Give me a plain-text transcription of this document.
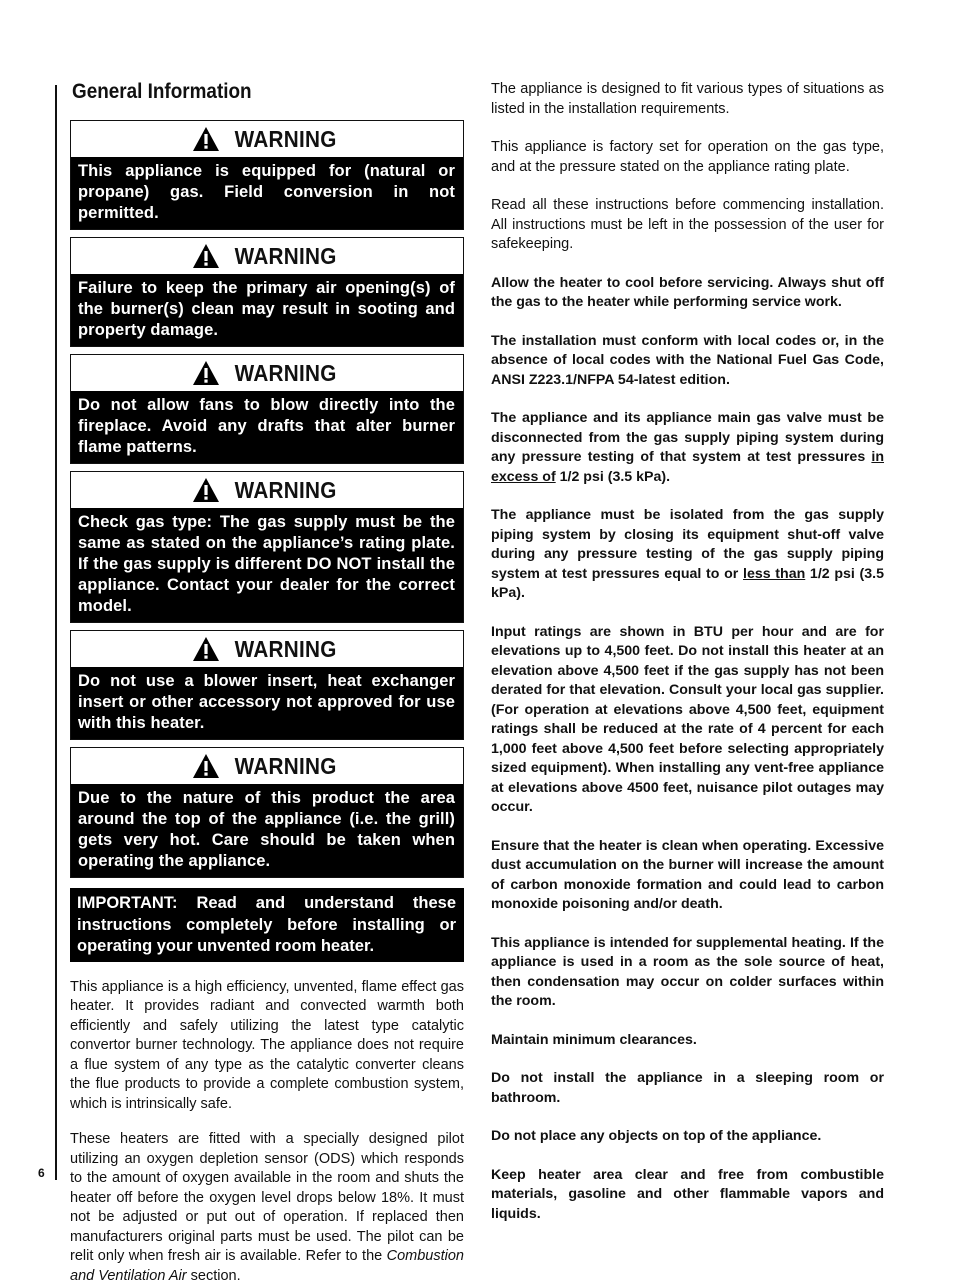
6
General Information
WARNING
This appliance is equipped for (natural or propane) gas. Field conversion in not permitted.
WARNING
Failure to keep the primary air opening(s) of the burner(s) clean may result in sooting and property damage.
WARNING
Do not allow fans to blow directly into the fireplace. Avoid any drafts that alter burner flame patterns.
WARNING
Check gas type: The gas supply must be the same as stated on the appliance’s rating plate. If the gas supply is different DO NOT install the appliance. Contact your dealer for the correct model.
WARNING
Do not use a blower insert, heat exchanger insert or other accessory not approved for use with this heater.
WARNING
Due to the nature of this product the area around the top of the appliance (i.e. the grill) gets very hot. Care should be taken when operating the appliance.
IMPORTANT: Read and understand these instructions completely before installing or operating your unvented room heater.

This appliance is a high efficiency, unvented, flame effect gas heater. It provides radiant and convected warmth both efficiently and safely utilizing the latest type catalytic convertor burner technology. The appliance does not require a flue system of any type as the catalytic converter cleans the flue products to provide a complete combustion system, which is intrinsically safe.

These heaters are fitted with a specially designed pilot utilizing an oxygen depletion sensor (ODS) which responds to the amount of oxygen available in the room and shuts the heater off before the oxygen level drops below 18%. It must not be adjusted or put out of operation. If replaced then manufacturers original parts must be used. The pilot can be relit only when fresh air is available. Refer to the Combustion and Ventilation Air section.

The appliance is designed to fit various types of situations as listed in the installation requirements.

This appliance is factory set for operation on the gas type, and at the pressure stated on the appliance rating plate.

Read all these instructions before commencing installation. All instructions must be left in the possession of the user for safekeeping.

Allow the heater to cool before servicing. Always shut off the gas to the heater while performing service work.

The installation must conform with local codes or, in the absence of local codes with the National Fuel Gas Code, ANSI Z223.1/NFPA 54-latest edition.

The appliance and its appliance main gas valve must be disconnected from the gas supply piping system during any pressure testing of that system at test pressures in excess of 1/2 psi (3.5 kPa).

The appliance must be isolated from the gas supply piping system by closing its equipment shut-off valve during any pressure testing of the gas supply piping system at test pressures equal to or less than 1/2 psi (3.5 kPa).

Input ratings are shown in BTU per hour and are for elevations up to 4,500 feet. Do not install this heater at an elevation above 4,500 feet if the gas supply has not been derated for that elevation. Consult your local gas supplier. (For operation at elevations above 4,500 feet, equipment ratings shall be reduced at the rate of 4 percent for each 1,000 feet above 4,500 feet before selecting appropriately sized equipment). When installing any vent-free appliance at elevations above 4500 feet, nuisance pilot outages may occur.

Ensure that the heater is clean when operating. Excessive dust accumulation on the burner will increase the amount of carbon monoxide formation and could lead to carbon monoxide poisoning and/or death.

This appliance is intended for supplemental heating. If the appliance is used in a room as the sole source of heat, then condensation may occur on colder surfaces within the room.

Maintain minimum clearances.

Do not install the appliance in a sleeping room or bathroom.

Do not place any objects on top of the appliance.

Keep heater area clear and free from combustible materials, gasoline and other flammable vapors and liquids.
